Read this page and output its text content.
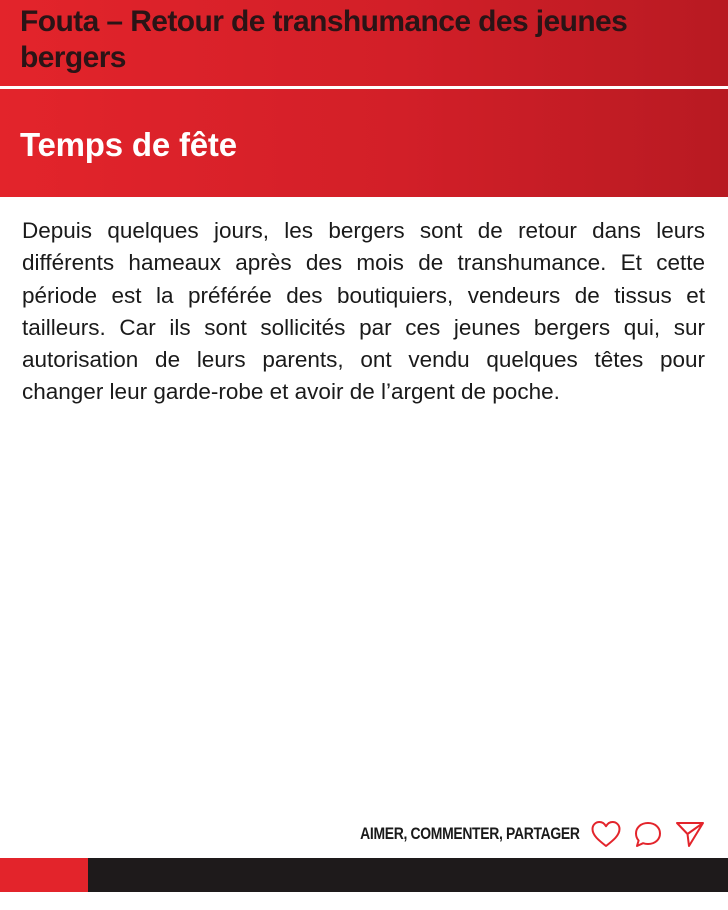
Fouta – Retour de transhumance des jeunes bergers
Temps de fête

Depuis quelques jours, les bergers sont de retour dans leurs différents hameaux après des mois de transhumance. Et cette période est la préférée des boutiquiers, vendeurs de tissus et tailleurs. Car ils sont sollicités par ces jeunes bergers qui, sur autorisation de leurs parents, ont vendu quelques têtes pour changer leur garde-robe et avoir de l’argent de poche.

AIMER, COMMENTER, PARTAGER
